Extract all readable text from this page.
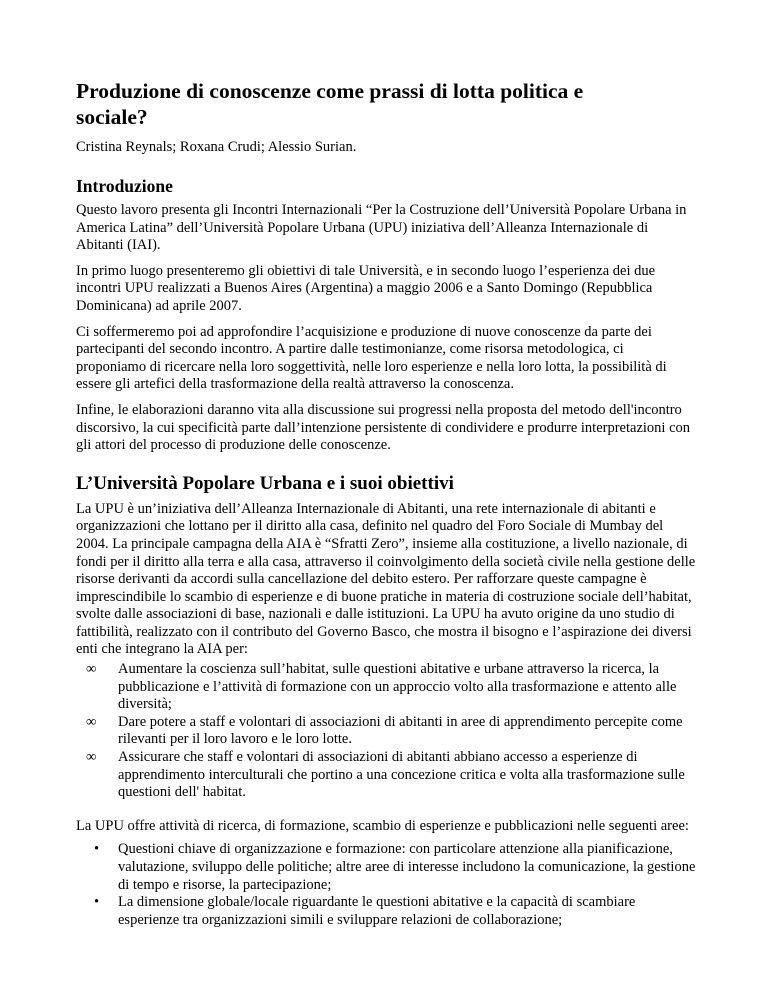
Produzione di conoscenze come prassi di lotta politica e sociale?

Cristina Reynals; Roxana Crudi; Alessio Surian.

Introduzione

Questo lavoro presenta gli Incontri Internazionali “Per la Costruzione dell’Università Popolare Urbana in America Latina” dell’Università Popolare Urbana (UPU) iniziativa dell’Alleanza Internazionale di Abitanti (IAI).

In primo luogo presenteremo gli obiettivi di tale Università, e in secondo luogo l’esperienza dei due incontri UPU realizzati a Buenos Aires (Argentina) a maggio 2006 e a Santo Domingo (Repubblica Dominicana) ad aprile 2007.

Ci soffermeremo poi ad approfondire l’acquisizione e produzione di nuove conoscenze da parte dei partecipanti del secondo incontro. A partire dalle testimonianze, come risorsa metodologica, ci proponiamo di ricercare nella loro soggettività, nelle loro esperienze e nella loro lotta, la possibilità di essere gli artefici della trasformazione della realtà attraverso la conoscenza.

Infine, le elaborazioni daranno vita alla discussione sui progressi nella proposta del metodo dell'incontro discorsivo, la cui specificità parte dall’intenzione persistente di condividere e produrre interpretazioni con gli attori del processo di produzione delle conoscenze.

L’Università Popolare Urbana e i suoi obiettivi

La UPU è un’iniziativa dell’Alleanza Internazionale di Abitanti, una rete internazionale di abitanti e organizzazioni che lottano per il diritto alla casa, definito nel quadro del Foro Sociale di Mumbay del 2004. La principale campagna della AIA è “Sfratti Zero”, insieme alla costituzione, a livello nazionale, di fondi per il diritto alla terra e alla casa, attraverso il coinvolgimento della società civile nella gestione delle risorse derivanti da accordi sulla cancellazione del debito estero. Per rafforzare queste campagne è imprescindibile lo scambio di esperienze e di buone pratiche in materia di costruzione sociale dell’habitat, svolte dalle associazioni di base, nazionali e dalle istituzioni. La UPU ha avuto origine da uno studio di fattibilità, realizzato con il contributo del Governo Basco, che mostra il bisogno e l’aspirazione dei diversi enti che integrano la AIA per:

∞ Aumentare la coscienza sull’habitat, sulle questioni abitative e urbane attraverso la ricerca, la pubblicazione e l’attività di formazione con un approccio volto alla trasformazione e attento alle diversità;
∞ Dare potere a staff e volontari di associazioni di abitanti in aree di apprendimento percepite come rilevanti per il loro lavoro e le loro lotte.
∞ Assicurare che staff e volontari di associazioni di abitanti abbiano accesso a esperienze di apprendimento interculturali che portino a una concezione critica e volta alla trasformazione sulle questioni dell' habitat.

La UPU offre attività di ricerca, di formazione, scambio di esperienze e pubblicazioni nelle seguenti aree:

• Questioni chiave di organizzazione e formazione: con particolare attenzione alla pianificazione, valutazione, sviluppo delle politiche; altre aree di interesse includono la comunicazione, la gestione di tempo e risorse, la partecipazione;
• La dimensione globale/locale riguardante le questioni abitative e la capacità di scambiare esperienze tra organizzazioni simili e sviluppare relazioni de collaborazione;
